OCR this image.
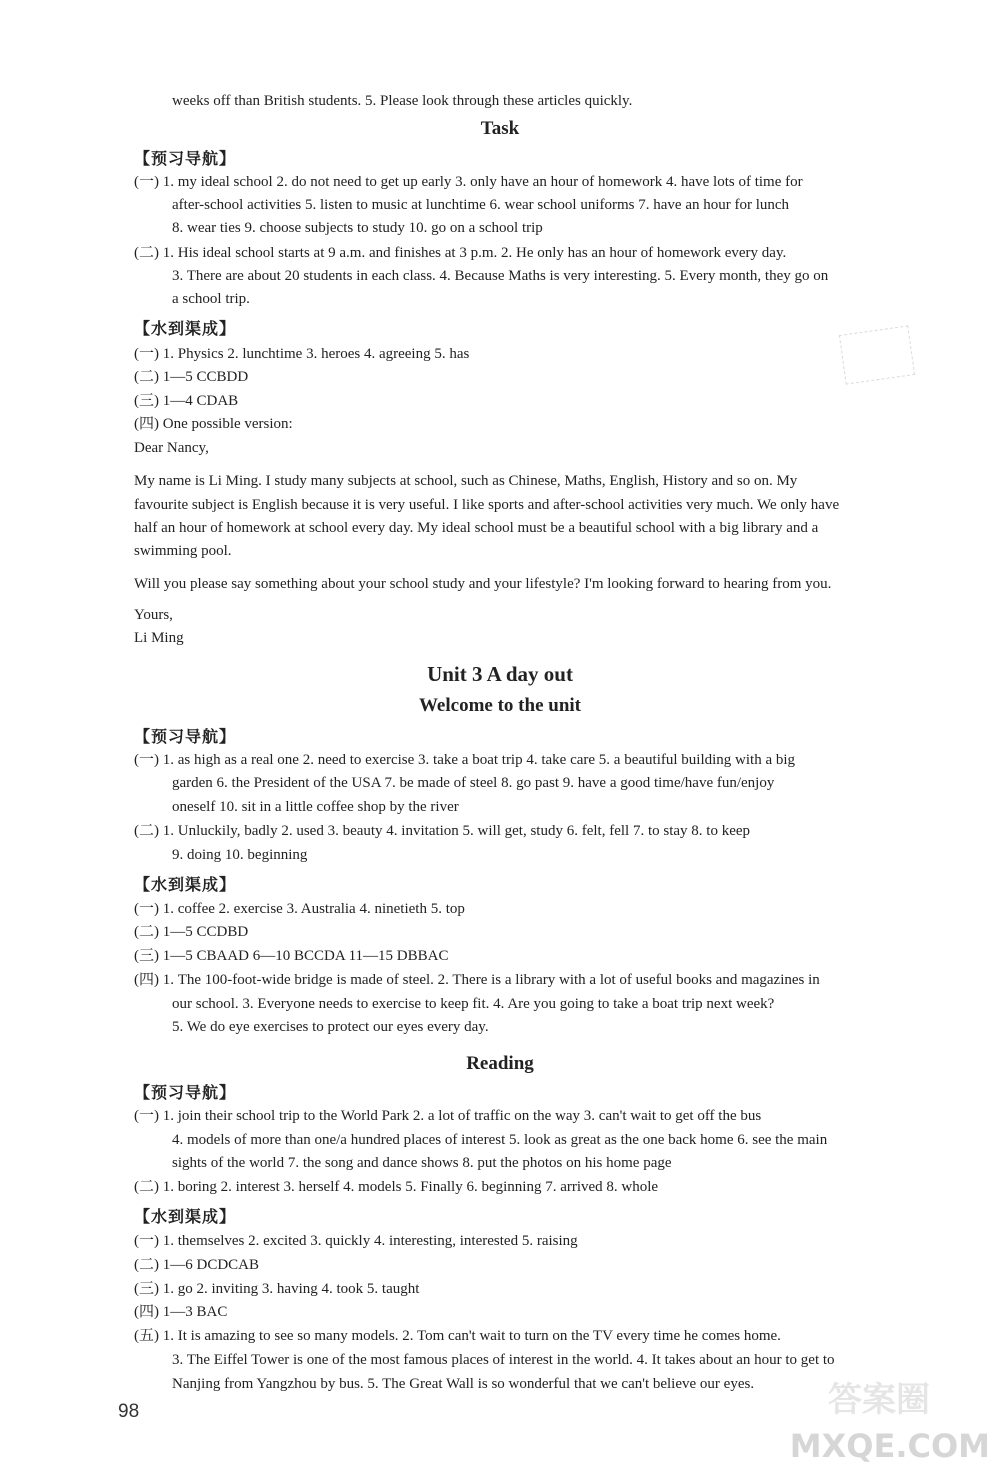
weeks off than British students. 5. Please look through these articles quickly.
Task
【预习导航】
(一) 1. my ideal school 2. do not need to get up early 3. only have an hour of homework 4. have lots of time for
after-school activities 5. listen to music at lunchtime 6. wear school uniforms 7. have an hour for lunch
8. wear ties 9. choose subjects to study 10. go on a school trip
(二) 1. His ideal school starts at 9 a.m. and finishes at 3 p.m. 2. He only has an hour of homework every day.
3. There are about 20 students in each class. 4. Because Maths is very interesting. 5. Every month, they go on
a school trip.
【水到渠成】
(一) 1. Physics 2. lunchtime 3. heroes 4. agreeing 5. has
(二) 1—5 CCBDD
(三) 1—4 CDAB
(四) One possible version:
Dear Nancy,
My name is Li Ming. I study many subjects at school, such as Chinese, Maths, English, History and so on. My
favourite subject is English because it is very useful. I like sports and after-school activities very much. We only have
half an hour of homework at school every day. My ideal school must be a beautiful school with a big library and a
swimming pool.
Will you please say something about your school study and your lifestyle? I'm looking forward to hearing from you.
Yours,
Li Ming
Unit 3 A day out
Welcome to the unit
【预习导航】
(一) 1. as high as a real one 2. need to exercise 3. take a boat trip 4. take care 5. a beautiful building with a big
garden 6. the President of the USA 7. be made of steel 8. go past 9. have a good time/have fun/enjoy
oneself 10. sit in a little coffee shop by the river
(二) 1. Unluckily, badly 2. used 3. beauty 4. invitation 5. will get, study 6. felt, fell 7. to stay 8. to keep
9. doing 10. beginning
【水到渠成】
(一) 1. coffee 2. exercise 3. Australia 4. ninetieth 5. top
(二) 1—5 CCDBD
(三) 1—5 CBAAD 6—10 BCCDA 11—15 DBBAC
(四) 1. The 100-foot-wide bridge is made of steel. 2. There is a library with a lot of useful books and magazines in
our school. 3. Everyone needs to exercise to keep fit. 4. Are you going to take a boat trip next week?
5. We do eye exercises to protect our eyes every day.
Reading
【预习导航】
(一) 1. join their school trip to the World Park 2. a lot of traffic on the way 3. can't wait to get off the bus
4. models of more than one/a hundred places of interest 5. look as great as the one back home 6. see the main
sights of the world 7. the song and dance shows 8. put the photos on his home page
(二) 1. boring 2. interest 3. herself 4. models 5. Finally 6. beginning 7. arrived 8. whole
【水到渠成】
(一) 1. themselves 2. excited 3. quickly 4. interesting, interested 5. raising
(二) 1—6 DCDCAB
(三) 1. go 2. inviting 3. having 4. took 5. taught
(四) 1—3 BAC
(五) 1. It is amazing to see so many models. 2. Tom can't wait to turn on the TV every time he comes home.
3. The Eiffel Tower is one of the most famous places of interest in the world. 4. It takes about an hour to get to
Nanjing from Yangzhou by bus. 5. The Great Wall is so wonderful that we can't believe our eyes.
98	答案圈
MXQE.COM
